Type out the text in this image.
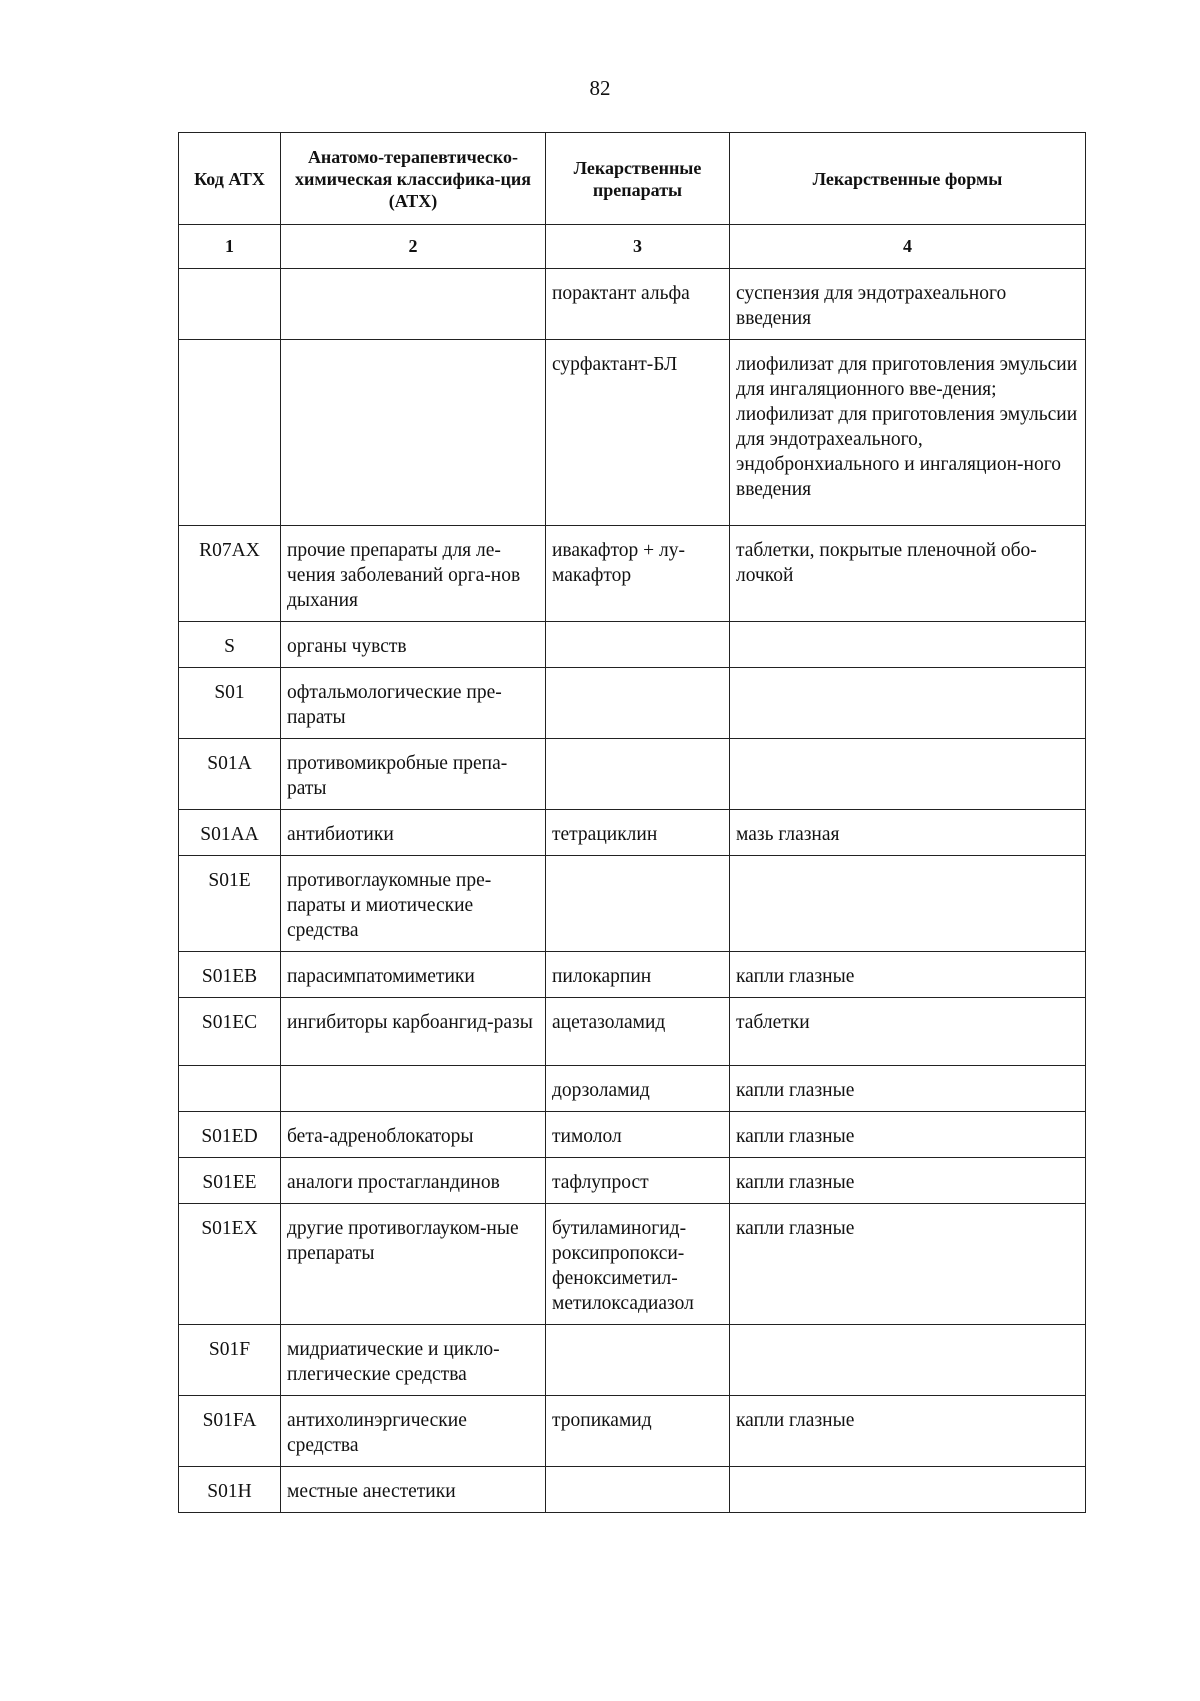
82
Код АТХ	Анатомо-терапевтическо-химическая классифика-ция (АТХ)	Лекарственные препараты	Лекарственные формы
1	2	3	4
		порактант альфа	суспензия для эндотрахеального введения
		сурфактант-БЛ	лиофилизат для приготовления эмульсии для ингаляционного вве-дения;
лиофилизат для приготовления эмульсии для эндотрахеального, эндобронхиального и ингаляцион-ного введения
R07AX	прочие препараты для ле-чения заболеваний орга-нов дыхания	ивакафтор + лу-макафтор	таблетки, покрытые пленочной обо-лочкой
S	органы чувств		
S01	офтальмологические пре-параты		
S01A	противомикробные препа-раты		
S01AA	антибиотики	тетрациклин	мазь глазная
S01E	противоглаукомные пре-параты и миотические средства		
S01EB	парасимпатомиметики	пилокарпин	капли глазные
S01EC	ингибиторы карбоангид-разы	ацетазоламид	таблетки
		дорзоламид	капли глазные
S01ED	бета-адреноблокаторы	тимолол	капли глазные
S01EE	аналоги простагландинов	тафлупрост	капли глазные
S01EX	другие противоглауком-ные препараты	бутиламиногид-роксипропокси-феноксиметил-метилоксадиазол	капли глазные
S01F	мидриатические и цикло-плегические средства		
S01FA	антихолинэргические средства	тропикамид	капли глазные
S01H	местные анестетики		
